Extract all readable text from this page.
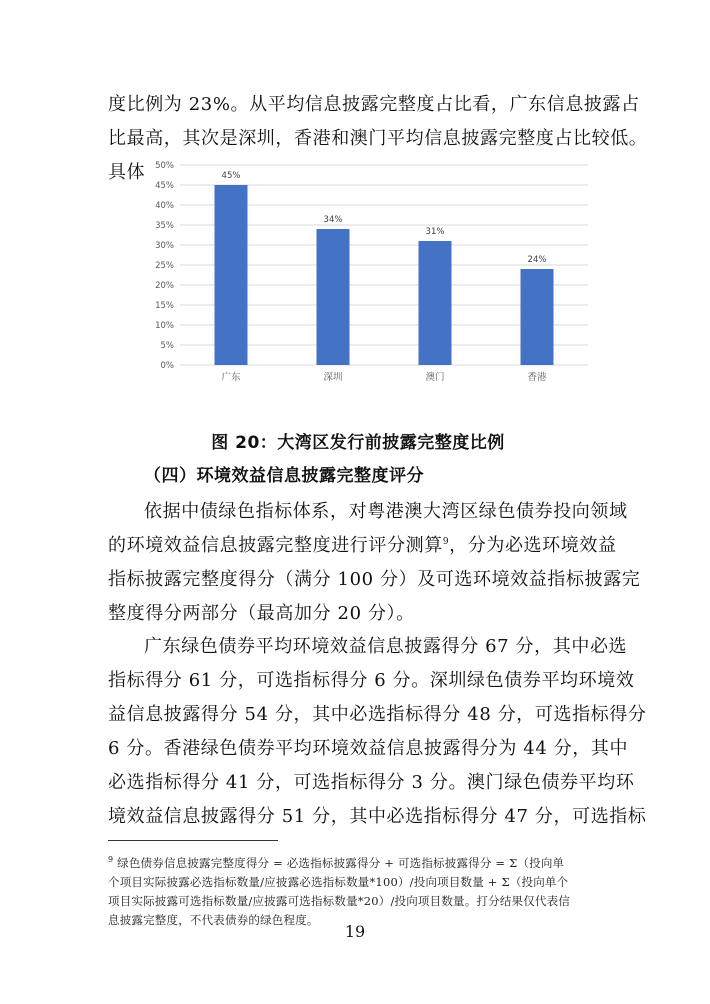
度比例为 23%。从平均信息披露完整度占比看，广东信息披露占
比最高，其次是深圳，香港和澳门平均信息披露完整度占比较低。
具体
0%
5%
10%
15%
20%
25%
30%
35%
40%
45%
50%
45%
广东
34%
深圳
31%
澳门
24%
香港
图 20：大湾区发行前披露完整度比例
（四）环境效益信息披露完整度评分
依据中债绿色指标体系，对粤港澳大湾区绿色债券投向领域
的环境效益信息披露完整度进行评分测算$^9$，分为必选环境效益
指标披露完整度得分（满分 100 分）及可选环境效益指标披露完
整度得分两部分（最高加分 20 分）。
广东绿色债券平均环境效益信息披露得分 67 分，其中必选
指标得分 61 分，可选指标得分 6 分。深圳绿色债券平均环境效
益信息披露得分 54 分，其中必选指标得分 48 分，可选指标得分
6 分。香港绿色债券平均环境效益信息披露得分为 44 分，其中
必选指标得分 41 分，可选指标得分 3 分。澳门绿色债券平均环
境效益信息披露得分 51 分，其中必选指标得分 47 分，可选指标
$^9$ 绿色债券信息披露完整度得分 = 必选指标披露得分 + 可选指标披露得分 = Σ（投向单
个项目实际披露必选指标数量/应披露必选指标数量*100）/投向项目数量 + Σ（投向单个
项目实际披露可选指标数量/应披露可选指标数量*20）/投向项目数量。打分结果仅代表信
息披露完整度，不代表债券的绿色程度。
19
